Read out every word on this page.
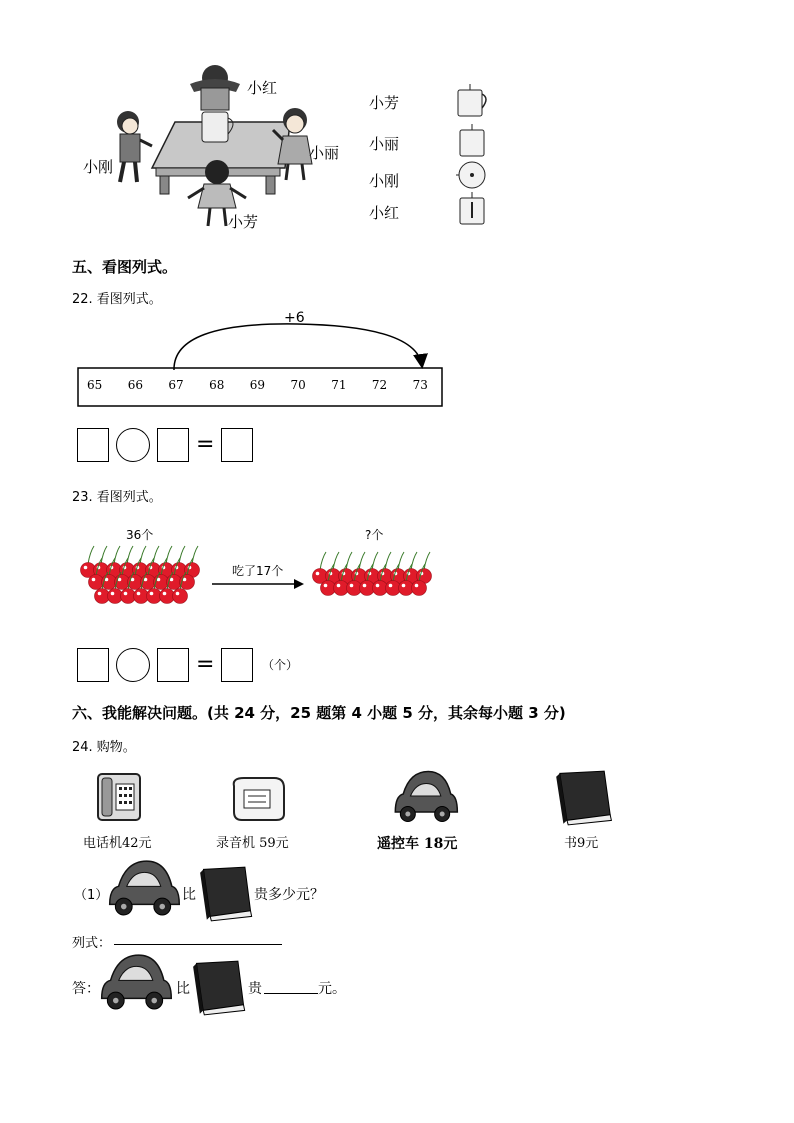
小红
小刚
小丽
小芳
小芳
小丽
小刚
小红
五、看图列式。
22. 看图列式。
+6
65 66 67 68 69 70 71 72 73
=
23. 看图列式。
36个	?个
吃了17个
=	（个）
六、我能解决问题。(共 24 分，25 题第 4 小题 5 分，其余每小题 3 分)
24. 购物。
电话机42元	录音机 59元	遥控车 18元	书9元
（1）	比	贵多少元？
列式：
答：	比	贵	元。
